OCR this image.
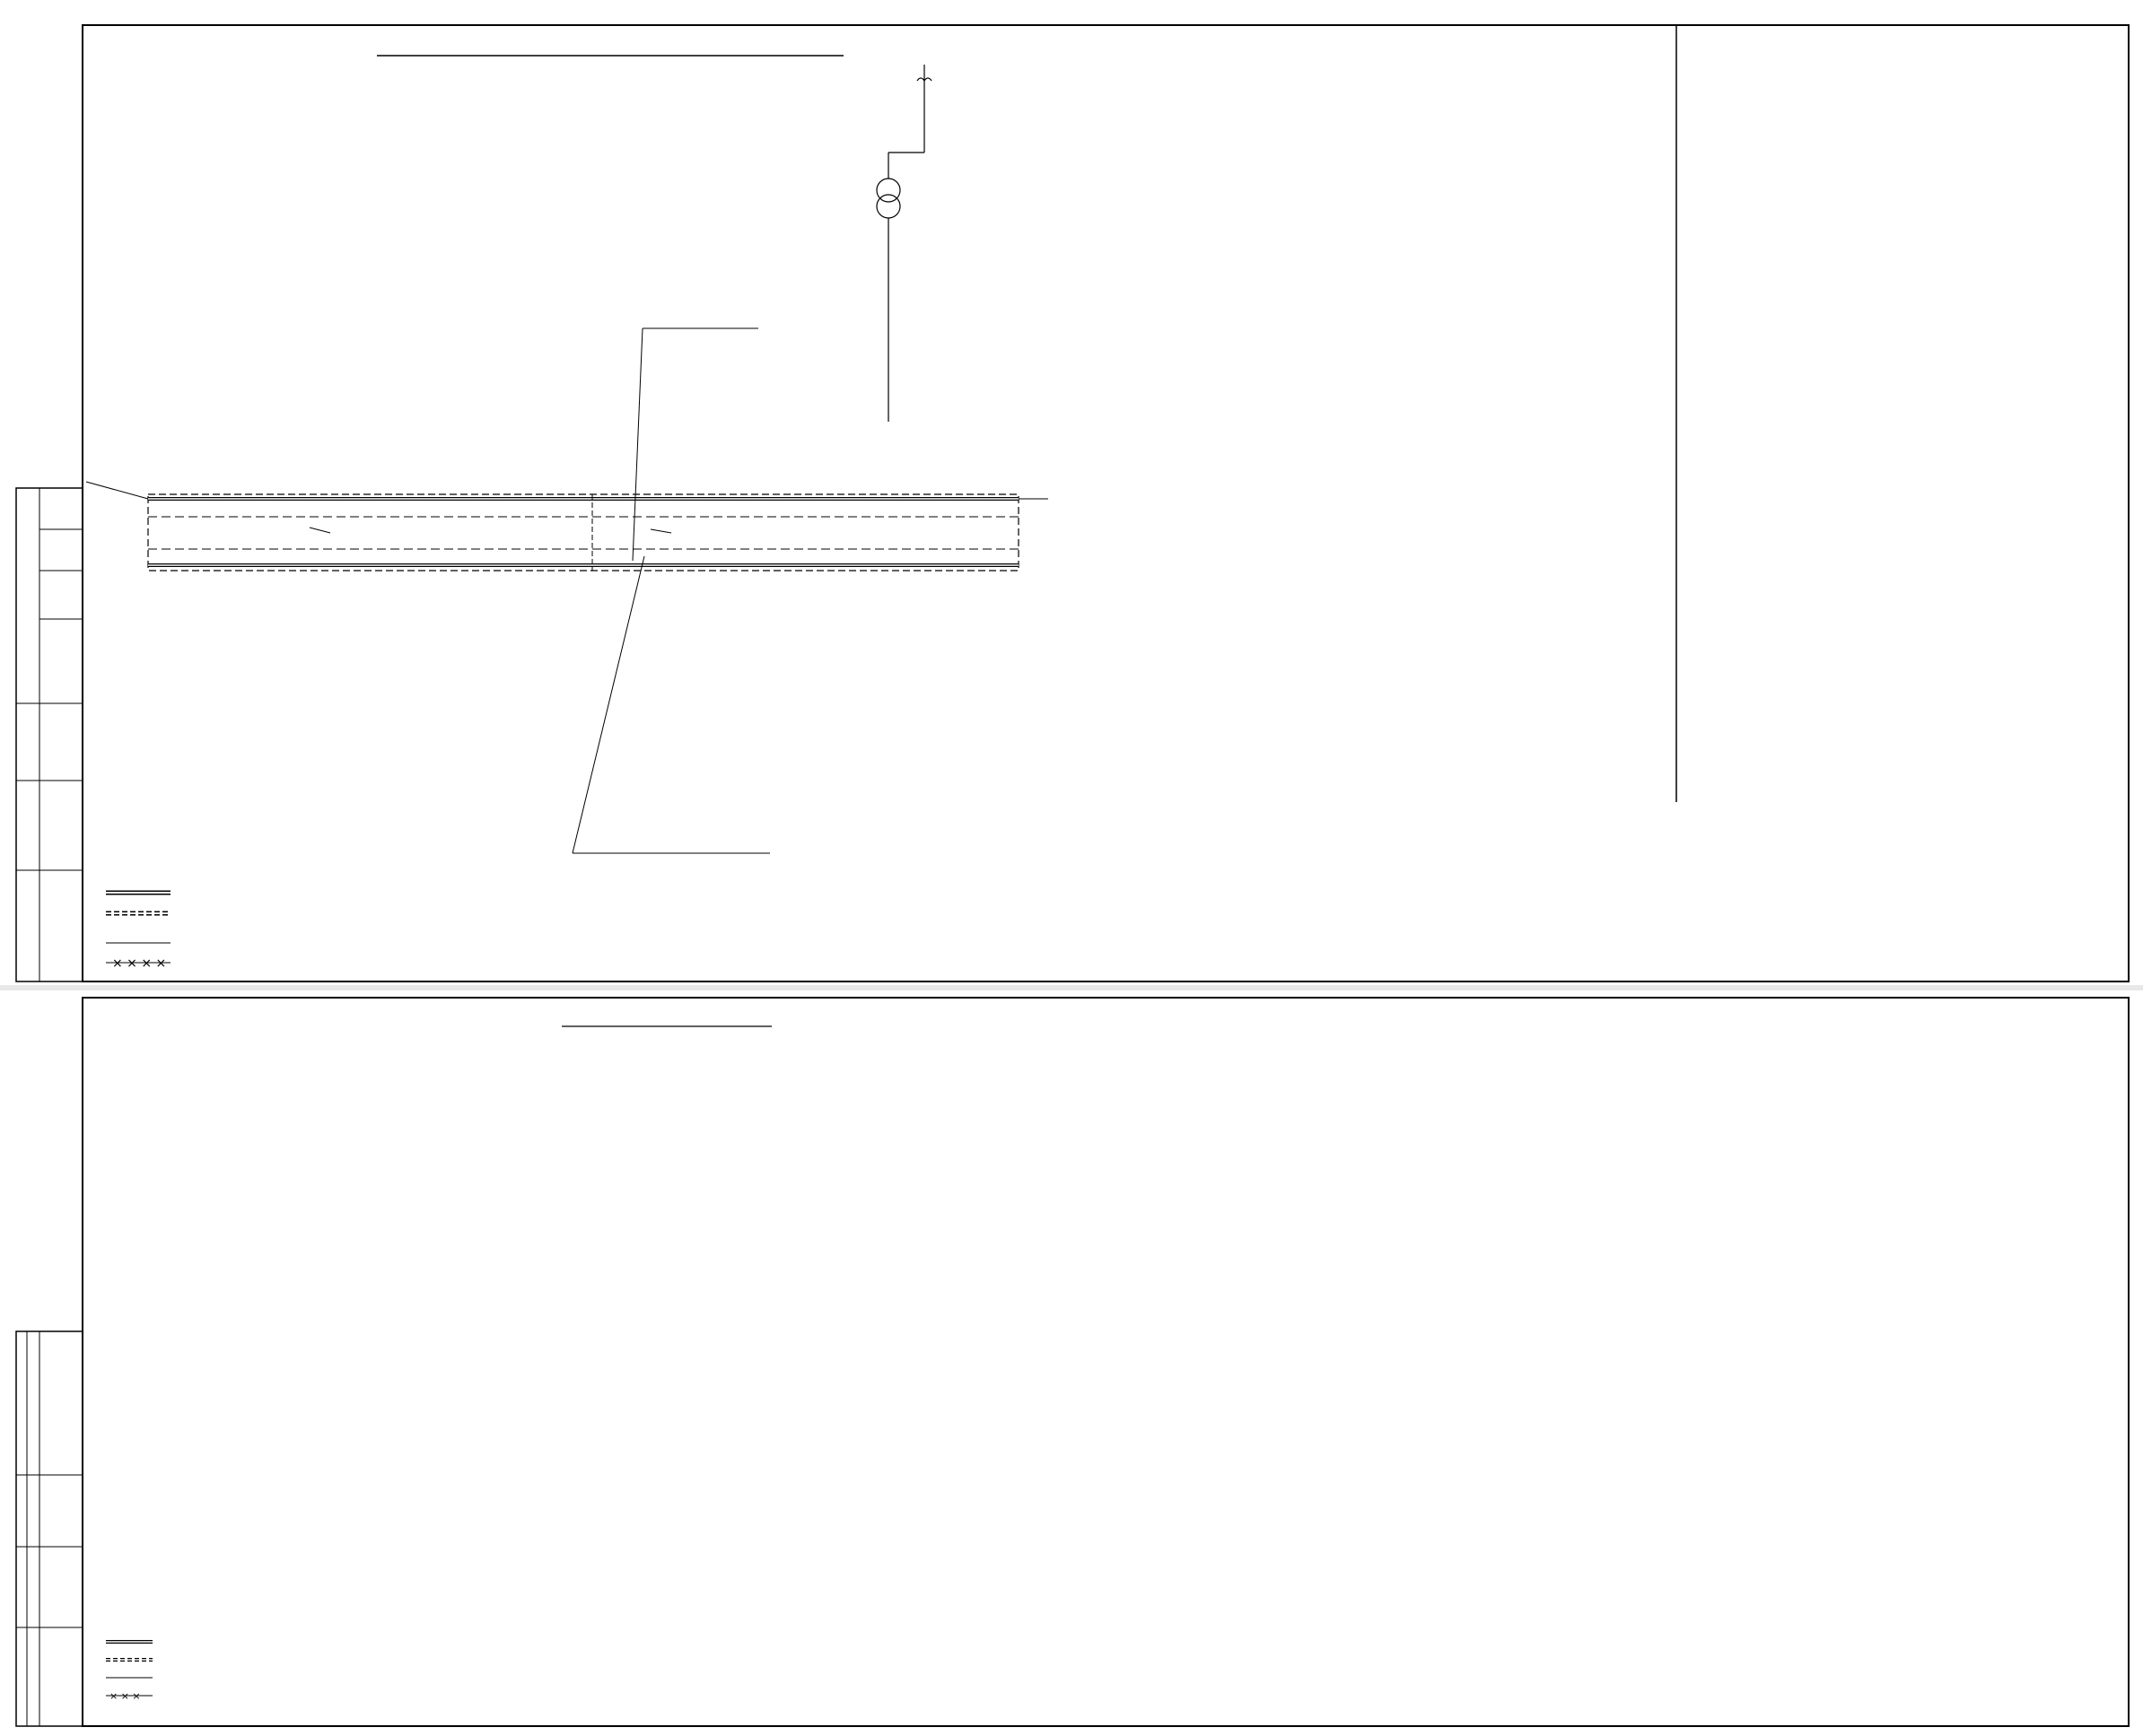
× × × ×

× × ×
